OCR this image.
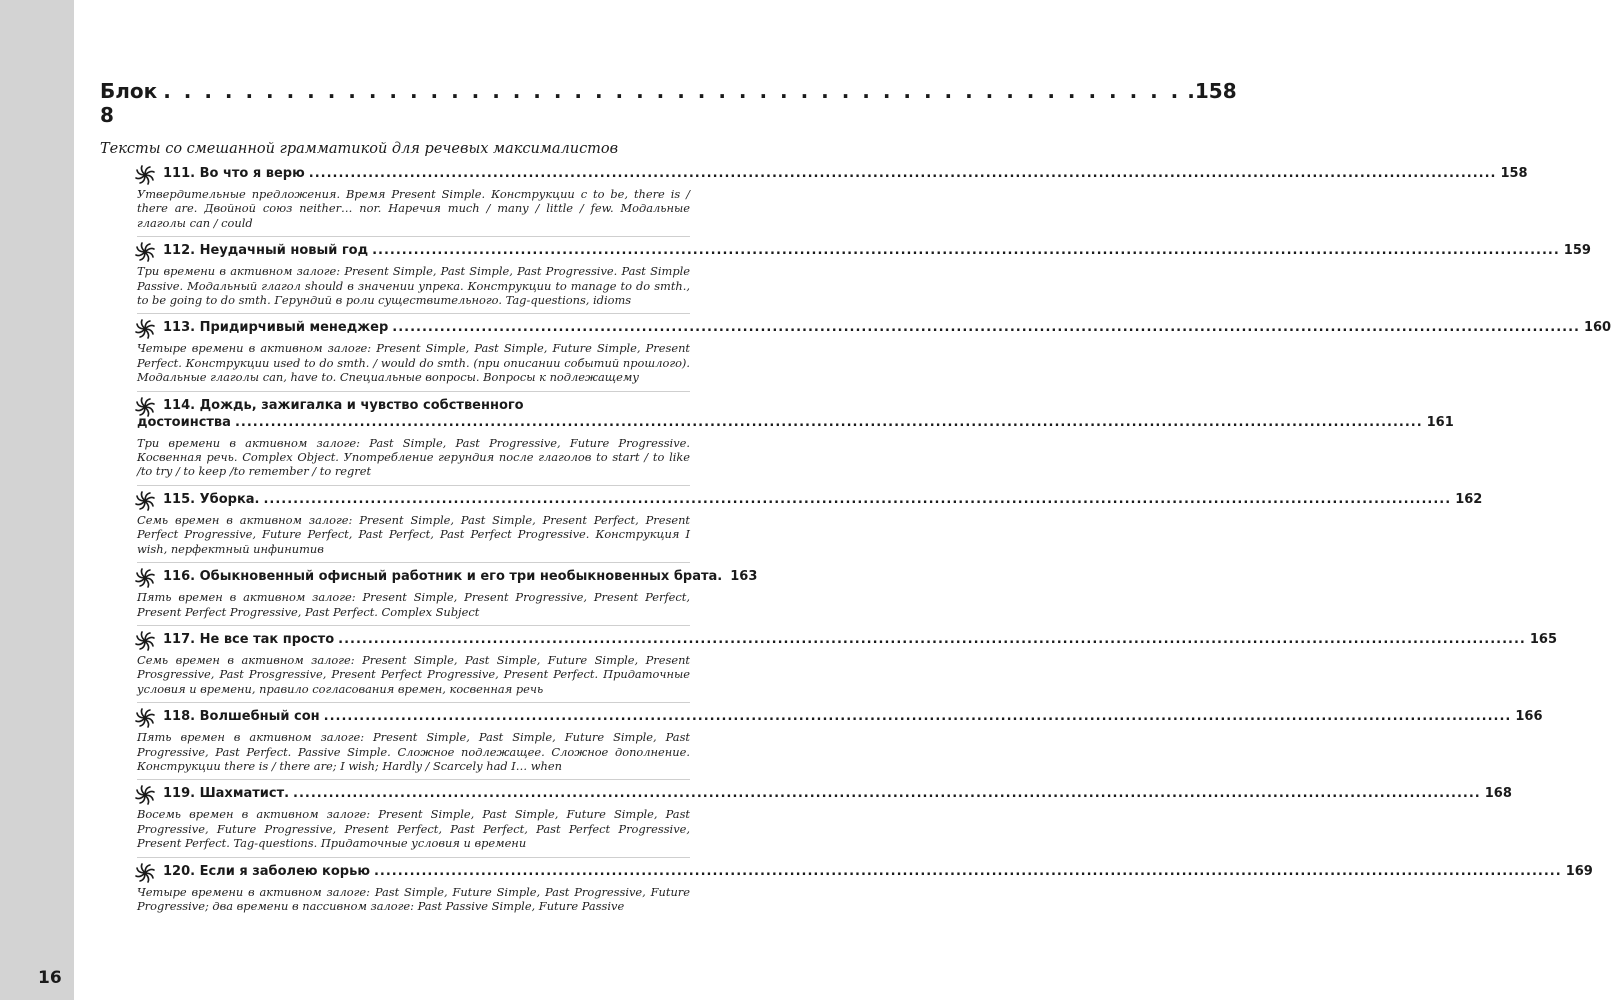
16
Блок 8
. . . . . . . . . . . . . . . . . . . . . . . . . . . . . . . . . . . . . . . . . . . . . . . . . . .158
Тексты со смешанной грамматикой для речевых максималистов
111. Во что я верю ........................................................................................................................................................................................................ 158
Утвердительные предложения. Время Present Simple. Конструкции с to be, there is / there are. Двойной союз neither… nor. Наречия much / many / little / few. Модальные глаголы can / could
112. Неудачный новый год ........................................................................................................................................................................................................ 159
Три времени в активном залоге: Present Simple, Past Simple, Past Progressive. Past Simple Passive. Модальный глагол should в значении упрека. Конструкции to manage to do smth., to be going to do smth. Герундий в роли существительного. Tag-questions, idioms
113. Придирчивый менеджер ........................................................................................................................................................................................................ 160
Четыре времени в активном залоге: Present Simple, Past Simple, Future Simple, Present Perfect. Конструкции used to do smth. / would do smth. (при описании событий прошлого). Модальные глаголы can, have to. Специальные вопросы. Вопросы к подлежащему
114. Дождь, зажигалка и чувство собственного
достоинства ........................................................................................................................................................................................................ 161
Три времени в активном залоге: Past Simple, Past Progressive, Future Progressive. Косвенная речь. Complex Object. Употребление герундия после глаголов to start / to like /to try / to keep /to remember / to regret
115. Уборка. ........................................................................................................................................................................................................ 162
Семь времен в активном залоге: Present Simple, Past Simple, Present Perfect, Present Perfect Progressive, Future Perfect, Past Perfect, Past Perfect Progressive. Конструкция I wish, перфектный инфинитив
116. Обыкновенный офисный работник и его три необыкновенных брата. 163
Пять времен в активном залоге: Present Simple, Present Progressive, Present Perfect, Present Perfect Progressive, Past Perfect. Complex Subject
117. Не все так просто ........................................................................................................................................................................................................ 165
Семь времен в активном залоге: Present Simple, Past Simple, Future Simple, Present Prosgressive, Past Prosgressive, Present Perfect Progressive, Present Perfect. Придаточные условия и времени, правило согласования времен, косвенная речь
118. Волшебный сон ........................................................................................................................................................................................................ 166
Пять времен в активном залоге: Present Simple, Past Simple, Future Simple, Past Progressive, Past Perfect. Passive Simple. Сложное подлежащее. Сложное дополнение. Конструкции there is / there are; I wish; Hardly / Scarcely had I… when
119. Шахматист. ........................................................................................................................................................................................................ 168
Восемь времен в активном залоге: Present Simple, Past Simple, Future Simple, Past Progressive, Future Progressive, Present Perfect, Past Perfect, Past Perfect Progressive, Present Perfect. Tag-questions. Придаточные условия и времени
120. Если я заболею корью ........................................................................................................................................................................................................ 169
Четыре времени в активном залоге: Past Simple, Future Simple, Past Progressive, Future Progressive; два времени в пассивном залоге: Past Passive Simple, Future Passive
